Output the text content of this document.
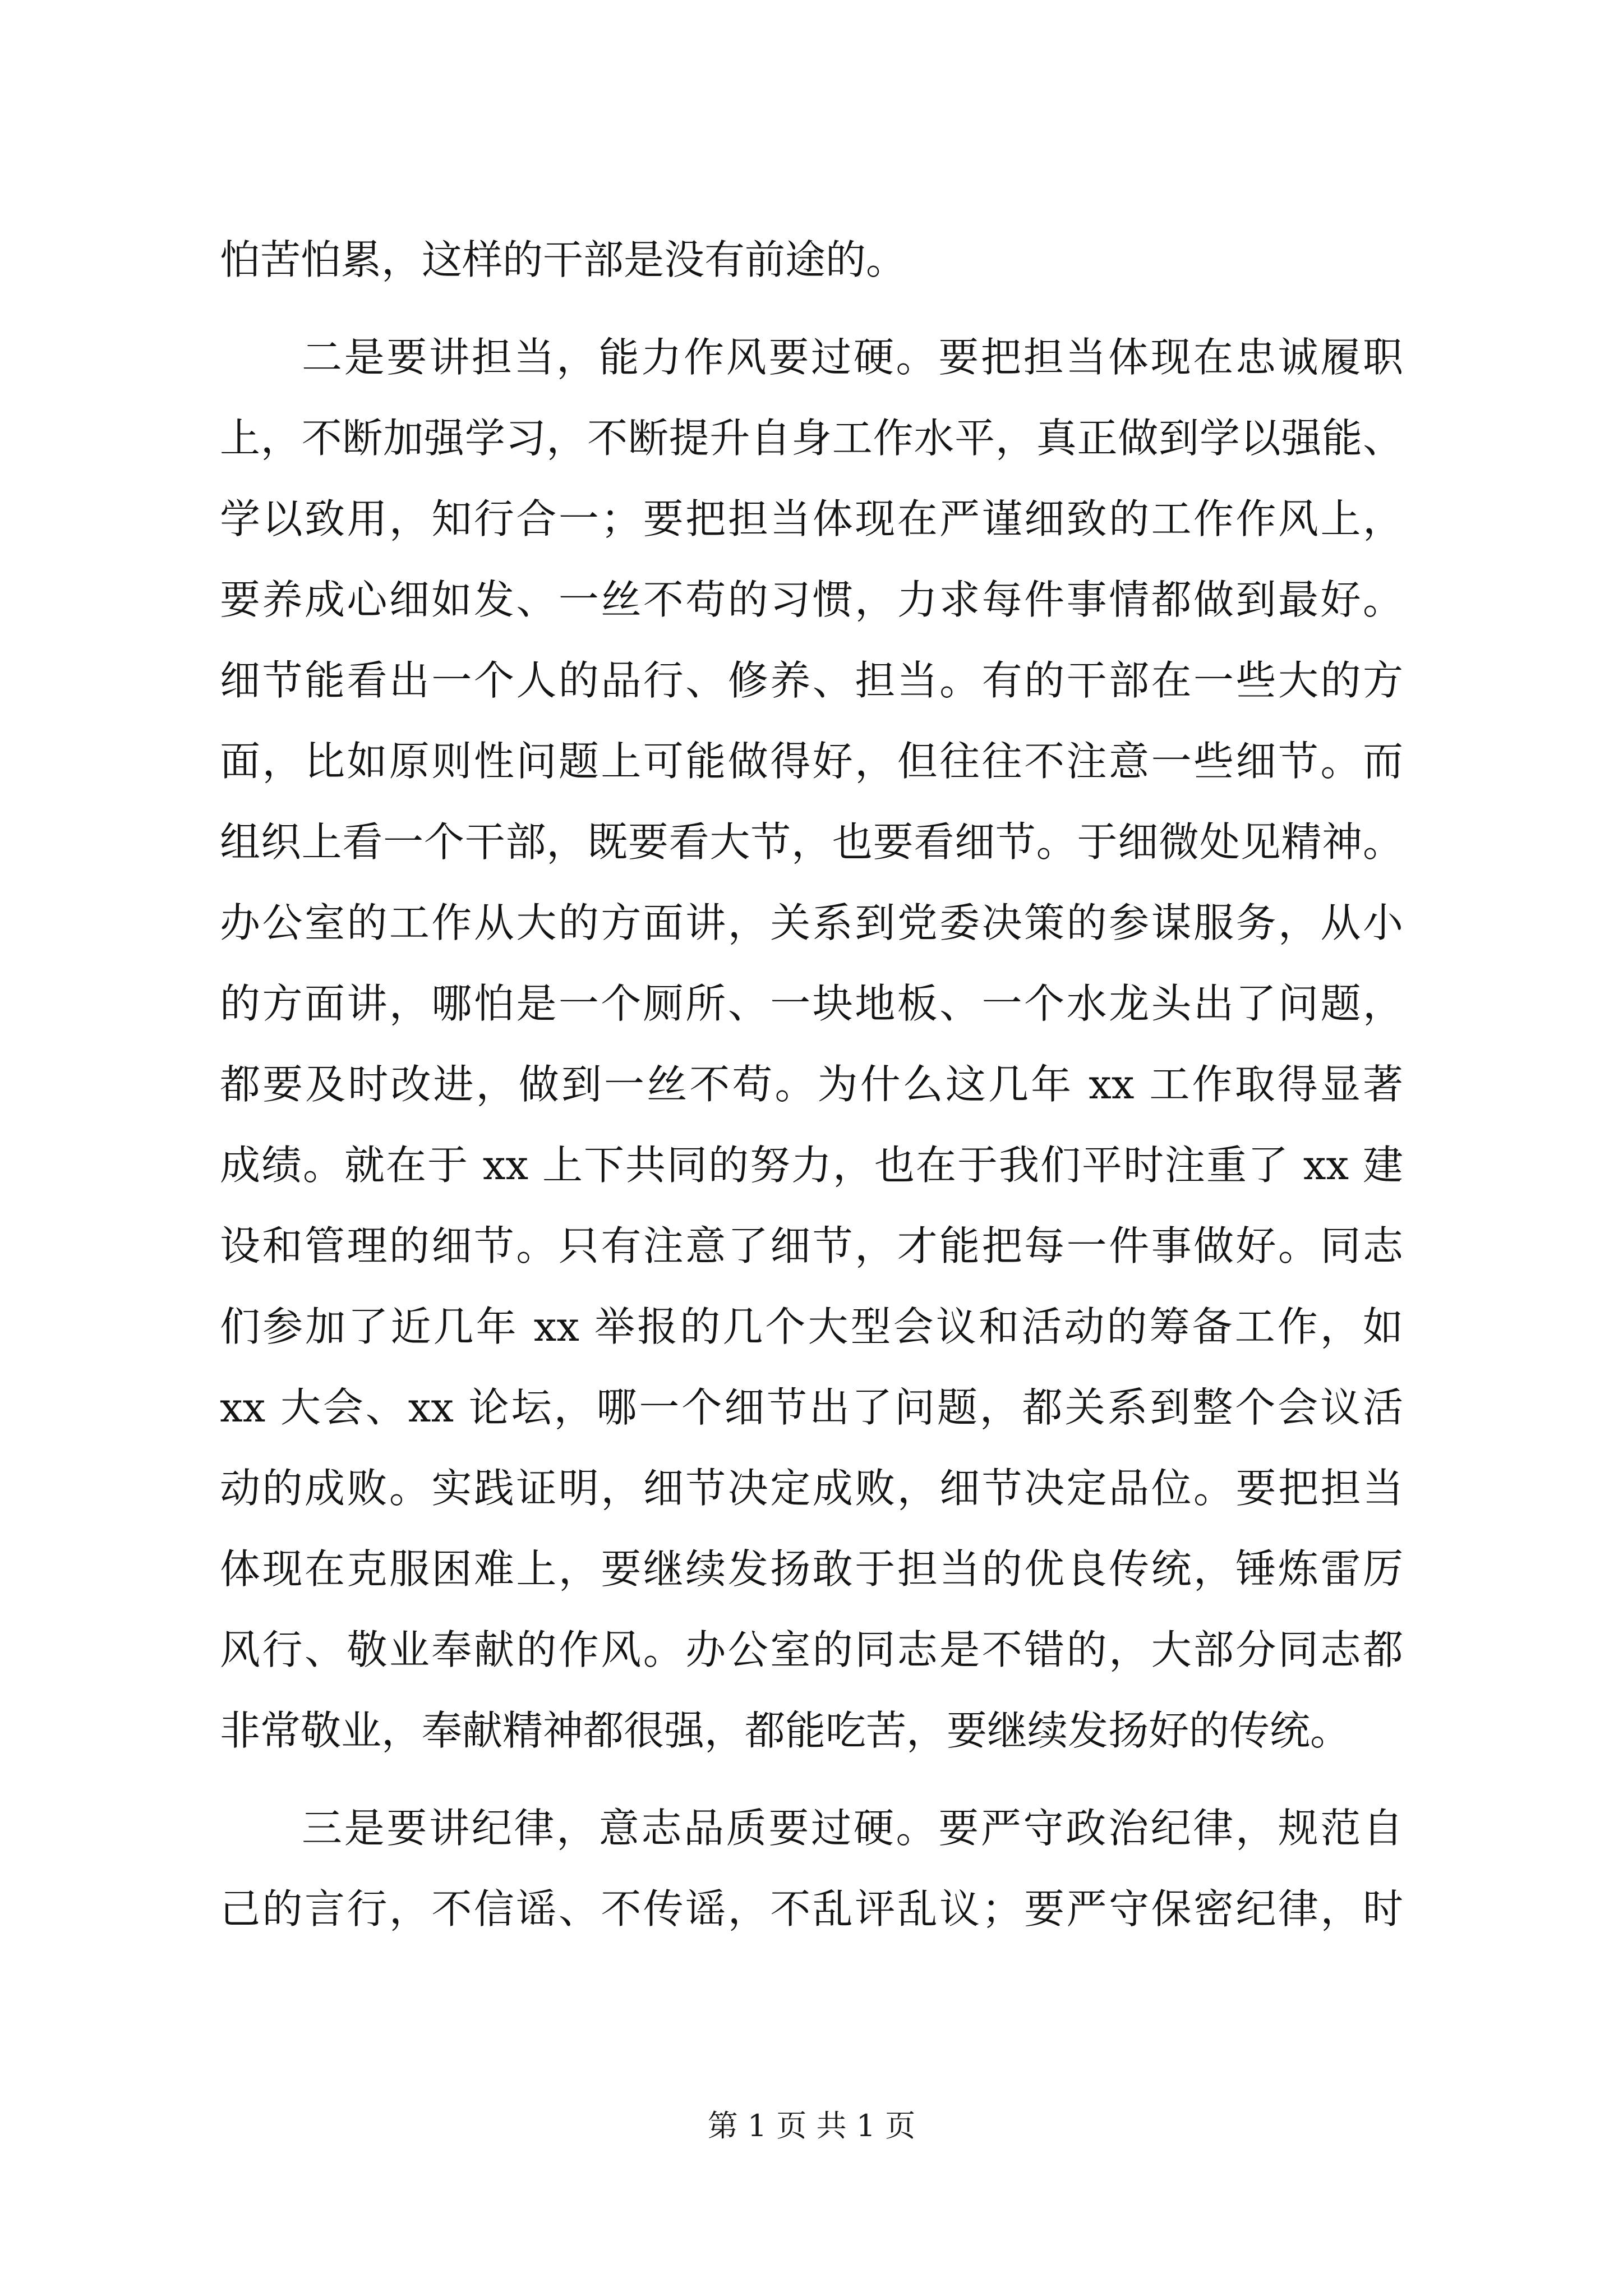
怕苦怕累，这样的干部是没有前途的。
二是要讲担当，能力作风要过硬。要把担当体现在忠诚履职
上，不断加强学习，不断提升自身工作水平，真正做到学以强能、
学以致用，知行合一；要把担当体现在严谨细致的工作作风上，
要养成心细如发、一丝不苟的习惯，力求每件事情都做到最好。
细节能看出一个人的品行、修养、担当。有的干部在一些大的方
面，比如原则性问题上可能做得好，但往往不注意一些细节。而
组织上看一个干部，既要看大节，也要看细节。于细微处见精神。
办公室的工作从大的方面讲，关系到党委决策的参谋服务，从小
的方面讲，哪怕是一个厕所、一块地板、一个水龙头出了问题，
都要及时改进，做到一丝不苟。为什么这几年 xx 工作取得显著
成绩。就在于 xx 上下共同的努力，也在于我们平时注重了 xx 建
设和管理的细节。只有注意了细节，才能把每一件事做好。同志
们参加了近几年 xx 举报的几个大型会议和活动的筹备工作，如
xx 大会、xx 论坛，哪一个细节出了问题，都关系到整个会议活
动的成败。实践证明，细节决定成败，细节决定品位。要把担当
体现在克服困难上，要继续发扬敢于担当的优良传统，锤炼雷厉
风行、敬业奉献的作风。办公室的同志是不错的，大部分同志都
非常敬业，奉献精神都很强，都能吃苦，要继续发扬好的传统。
三是要讲纪律，意志品质要过硬。要严守政治纪律，规范自
己的言行，不信谣、不传谣，不乱评乱议；要严守保密纪律，时
第 1 页 共 1 页
